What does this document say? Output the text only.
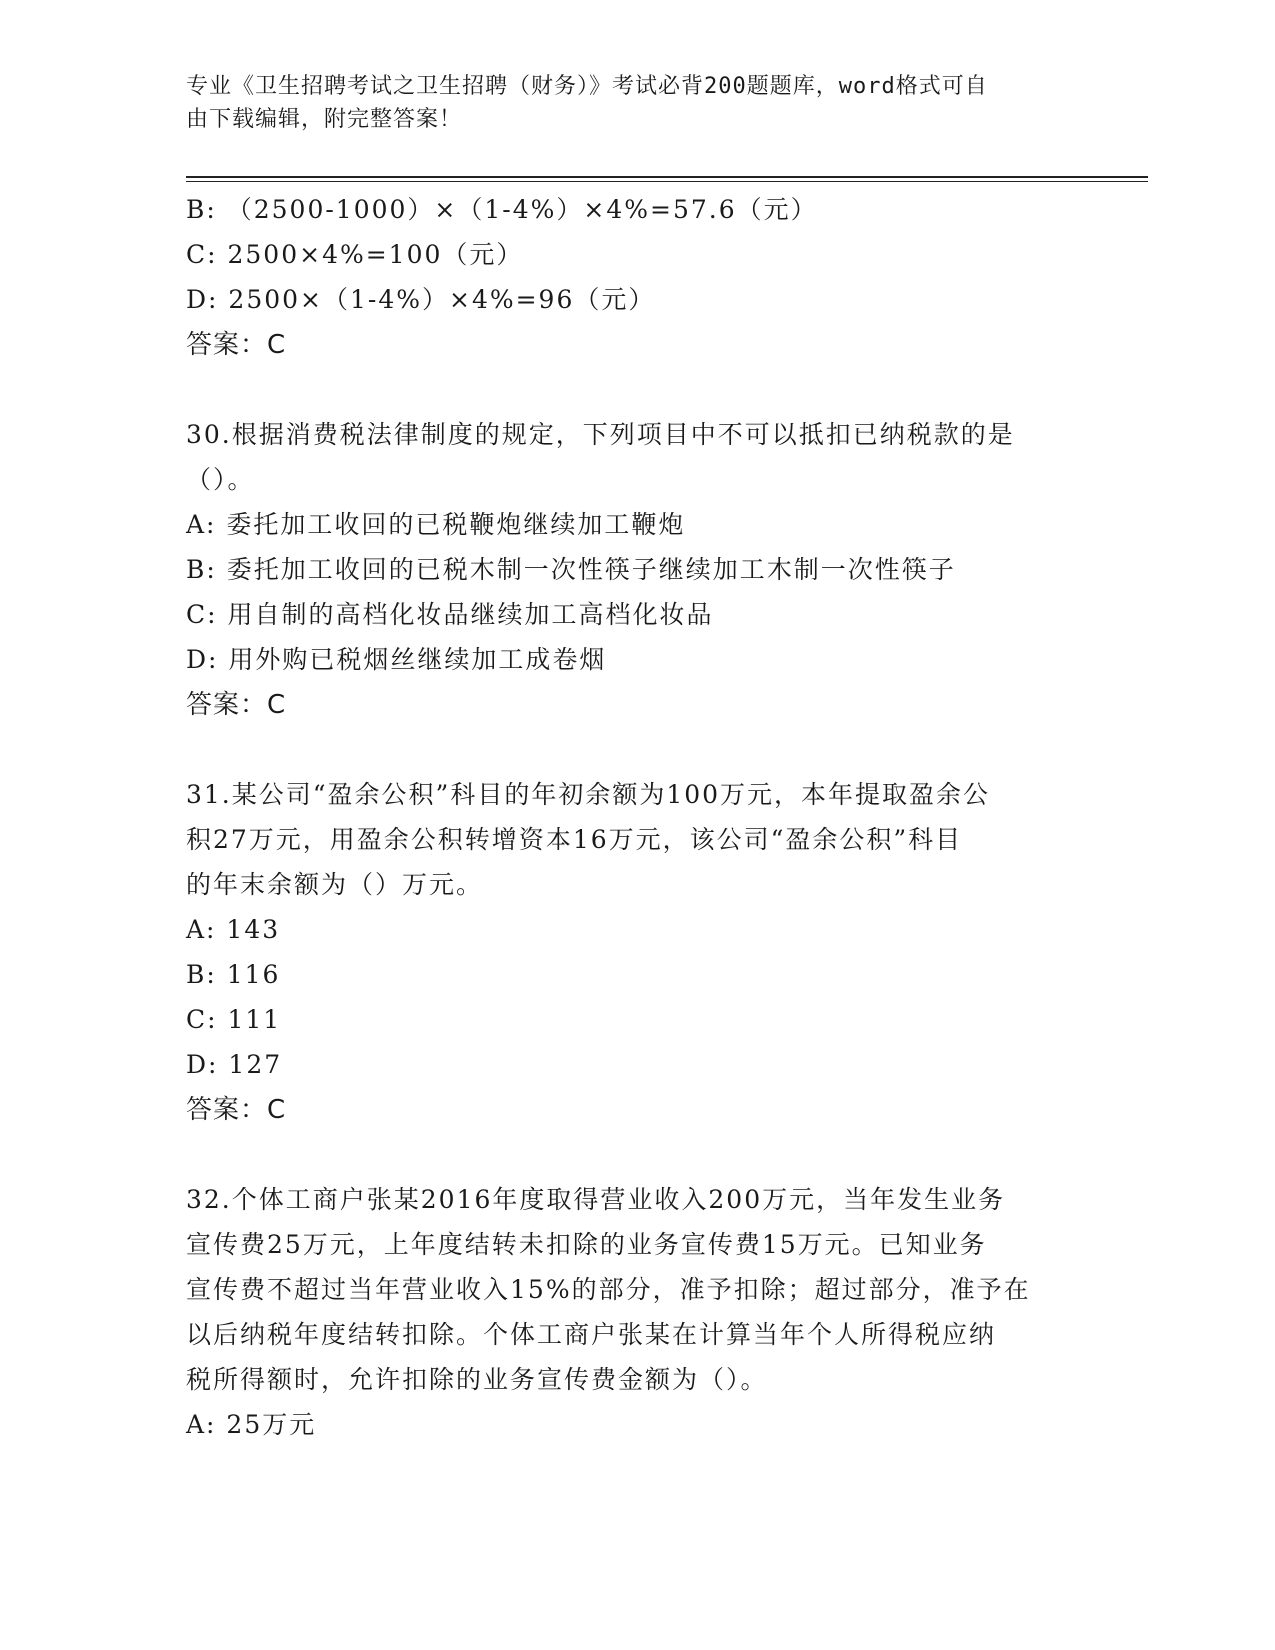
专业《卫生招聘考试之卫生招聘（财务）》考试必背200题题库，word格式可自
由下载编辑，附完整答案！
B: （2500-1000）×（1-4%）×4%=57.6（元）
C: 2500×4%=100（元）
D: 2500×（1-4%）×4%=96（元）
答案：C
30.根据消费税法律制度的规定，下列项目中不可以抵扣已纳税款的是
（）。
A: 委托加工收回的已税鞭炮继续加工鞭炮
B: 委托加工收回的已税木制一次性筷子继续加工木制一次性筷子
C: 用自制的高档化妆品继续加工高档化妆品
D: 用外购已税烟丝继续加工成卷烟
答案：C
31.某公司“盈余公积”科目的年初余额为100万元，本年提取盈余公
积27万元，用盈余公积转增资本16万元，该公司“盈余公积”科目
的年末余额为（）万元。
A: 143
B: 116
C: 111
D: 127
答案：C
32.个体工商户张某2016年度取得营业收入200万元，当年发生业务
宣传费25万元，上年度结转未扣除的业务宣传费15万元。已知业务
宣传费不超过当年营业收入15%的部分，准予扣除；超过部分，准予在
以后纳税年度结转扣除。个体工商户张某在计算当年个人所得税应纳
税所得额时，允许扣除的业务宣传费金额为（）。
A: 25万元
